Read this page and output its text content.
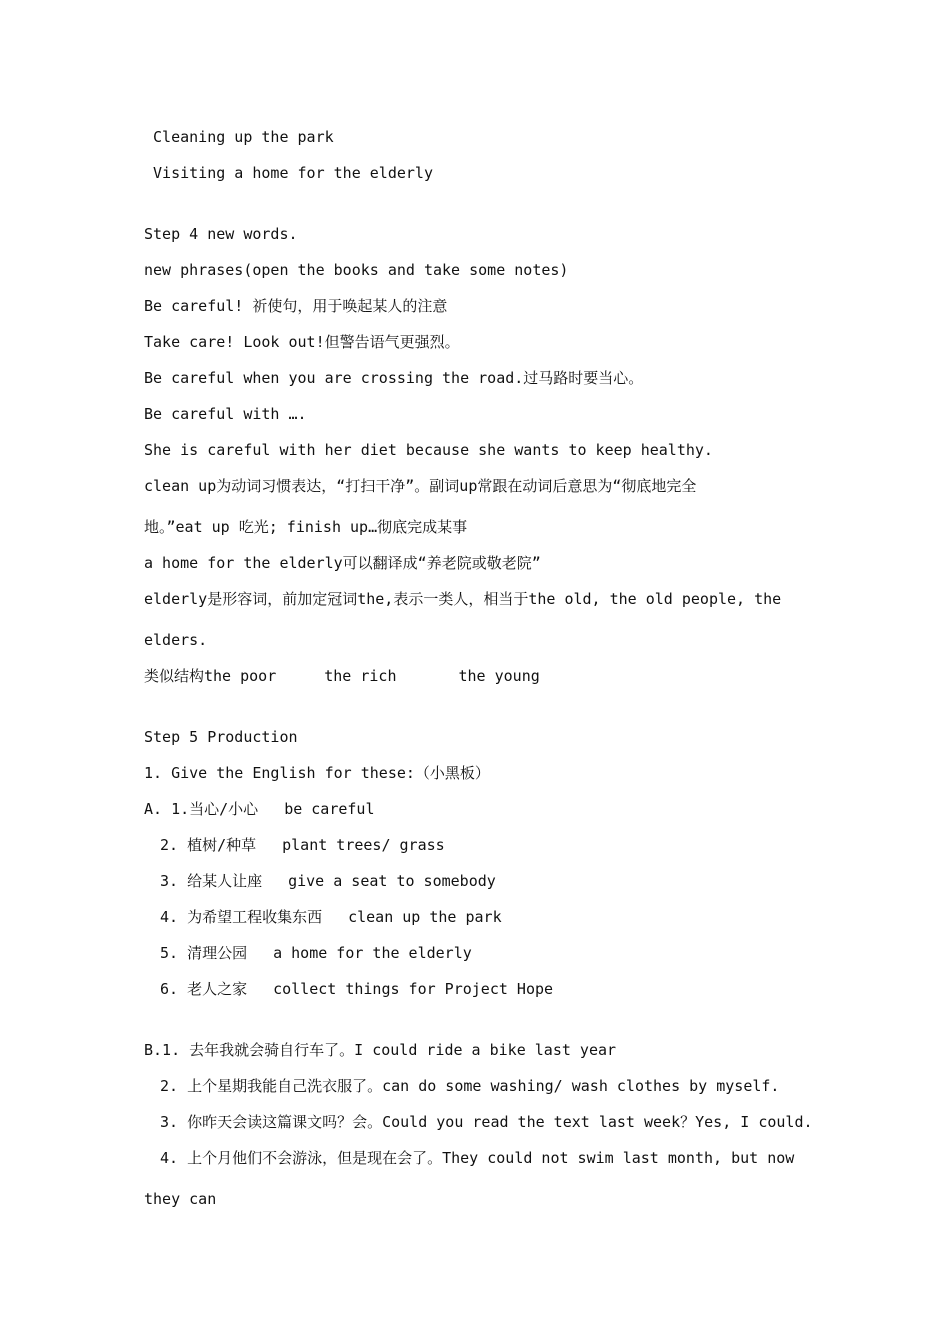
Cleaning up the park
Visiting a home for the elderly
Step 4 new words.
new phrases(open the books and take some notes)
Be careful! 祈使句，用于唤起某人的注意
Take care! Look out!但警告语气更强烈。
Be careful when you are crossing the road.过马路时要当心。
Be careful with ….
She is careful with her diet because she wants to keep healthy.
clean up为动词习惯表达，“打扫干净”。副词up常跟在动词后意思为“彻底地完全
地。”eat up 吃光; finish up…彻底完成某事
a home for the elderly可以翻译成“养老院或敬老院”
elderly是形容词，前加定冠词the,表示一类人，相当于the old, the old people, the
elders.
类似结构the poor	the rich	the young
Step 5 Production
1. Give the English for these:（小黑板）
A. 1.当心/小心 be careful
2. 植树/种草 plant trees/ grass
3. 给某人让座 give a seat to somebody
4. 为希望工程收集东西 clean up the park
5. 清理公园 a home for the elderly
6. 老人之家 collect things for Project Hope
B.1. 去年我就会骑自行车了。I could ride a bike last year
2. 上个星期我能自己洗衣服了。can do some washing/ wash clothes by myself.
3. 你昨天会读这篇课文吗？会。Could you read the text last week？Yes, I could.
4. 上个月他们不会游泳，但是现在会了。They could not swim last month, but now
they can
